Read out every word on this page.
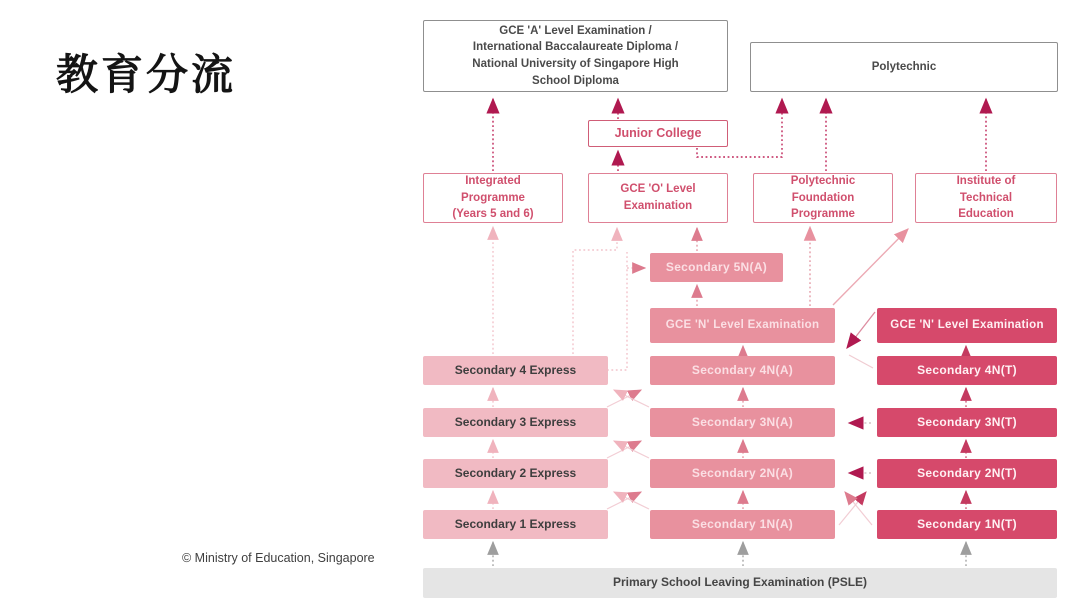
教育分流
GCE 'A' Level Examination / International Baccalaureate Diploma / National University of Singapore High School Diploma
Polytechnic
Junior College
Integrated Programme (Years 5 and 6)
GCE 'O' Level Examination
Polytechnic Foundation Programme
Institute of Technical Education
Secondary 5N(A)
GCE 'N' Level Examination	GCE 'N' Level Examination
Secondary 4 Express
Secondary 3 Express
Secondary 2 Express
Secondary 1 Express
Secondary 4N(A)
Secondary 3N(A)
Secondary 2N(A)
Secondary 1N(A)
Secondary 4N(T)
Secondary 3N(T)
Secondary 2N(T)
Secondary 1N(T)
Primary School Leaving Examination (PSLE)
© Ministry of Education, Singapore
